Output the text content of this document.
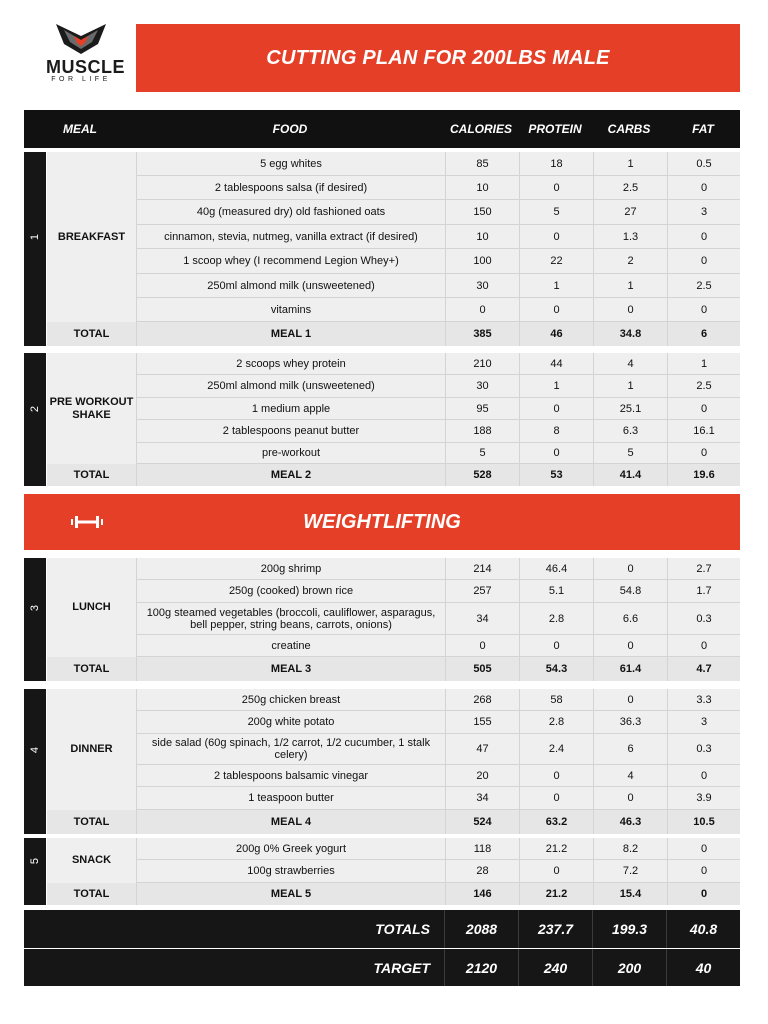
MUSCLE
FOR LIFE
CUTTING PLAN FOR 200LBS MALE
MEAL	FOOD	CALORIES	PROTEIN	CARBS	FAT
1	BREAKFAST
5 egg whites	85	18	1	0.5
2 tablespoons salsa (if desired)	10	0	2.5	0
40g (measured dry) old fashioned oats	150	5	27	3
cinnamon, stevia, nutmeg, vanilla extract (if desired)	10	0	1.3	0
1 scoop whey (I recommend Legion Whey+)	100	22	2	0
250ml almond milk (unsweetened)	30	1	1	2.5
vitamins	0	0	0	0
TOTAL	MEAL 1	385	46	34.8	6
2
PRE WORKOUT SHAKE
2 scoops whey protein	210	44	4	1
250ml almond milk (unsweetened)	30	1	1	2.5
1 medium apple	95	0	25.1	0
2 tablespoons peanut butter	188	8	6.3	16.1
pre-workout	5	0	5	0
TOTAL	MEAL 2	528	53	41.4	19.6
3	LUNCH
200g shrimp	214	46.4	0	2.7
250g (cooked) brown rice	257	5.1	54.8	1.7
100g steamed vegetables (broccoli, cauliflower, asparagus, bell pepper, string beans, carrots, onions)	34	2.8	6.6	0.3
creatine	0	0	0	0
TOTAL	MEAL 3	505	54.3	61.4	4.7
4	DINNER
250g chicken breast	268	58	0	3.3
200g white potato	155	2.8	36.3	3
side salad (60g spinach, 1/2 carrot, 1/2 cucumber, 1 stalk celery)	47	2.4	6	0.3
2 tablespoons balsamic vinegar	20	0	4	0
1 teaspoon butter	34	0	0	3.9
TOTAL	MEAL 4	524	63.2	46.3	10.5
5	SNACK
200g 0% Greek yogurt	118	21.2	8.2	0
100g strawberries	28	0	7.2	0
TOTAL	MEAL 5	146	21.2	15.4	0
WEIGHTLIFTING
TOTALS	2088	237.7	199.3	40.8
TARGET	2120	240	200	40
